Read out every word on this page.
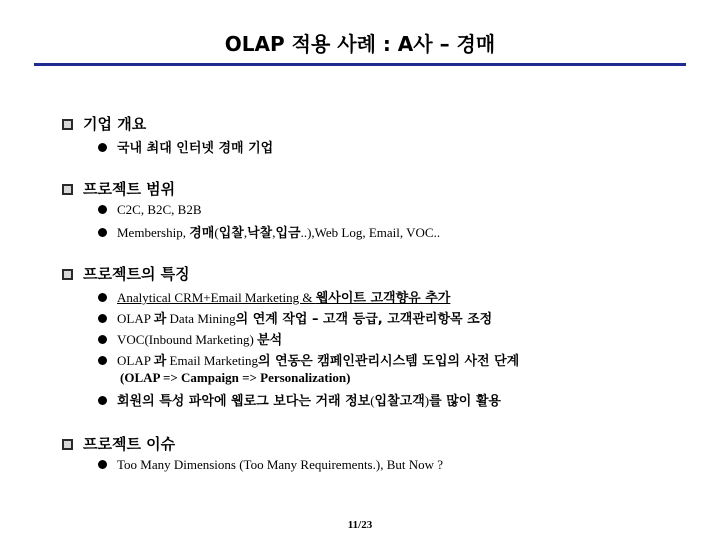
OLAP 적용 사례 : A사 – 경매
기업 개요
국내 최대 인터넷 경매 기업
프로젝트 범위
C2C, B2C, B2B
Membership, 경매(입찰,낙찰,입금..),Web Log, Email, VOC..
프로젝트의 특징
Analytical CRM+Email Marketing & 웹사이트 고객향유 추가
OLAP 과 Data Mining의 연계 작업 – 고객 등급, 고객관리항목 조정
VOC(Inbound Marketing) 분석
OLAP 과 Email Marketing의 연동은 캠페인관리시스템 도입의 사전 단계
(OLAP => Campaign => Personalization)
회원의 특성 파악에 웹로그 보다는 거래 정보(입찰고객)를 많이 활용
프로젝트 이슈
Too Many Dimensions (Too Many Requirements.), But Now ?
11/23
